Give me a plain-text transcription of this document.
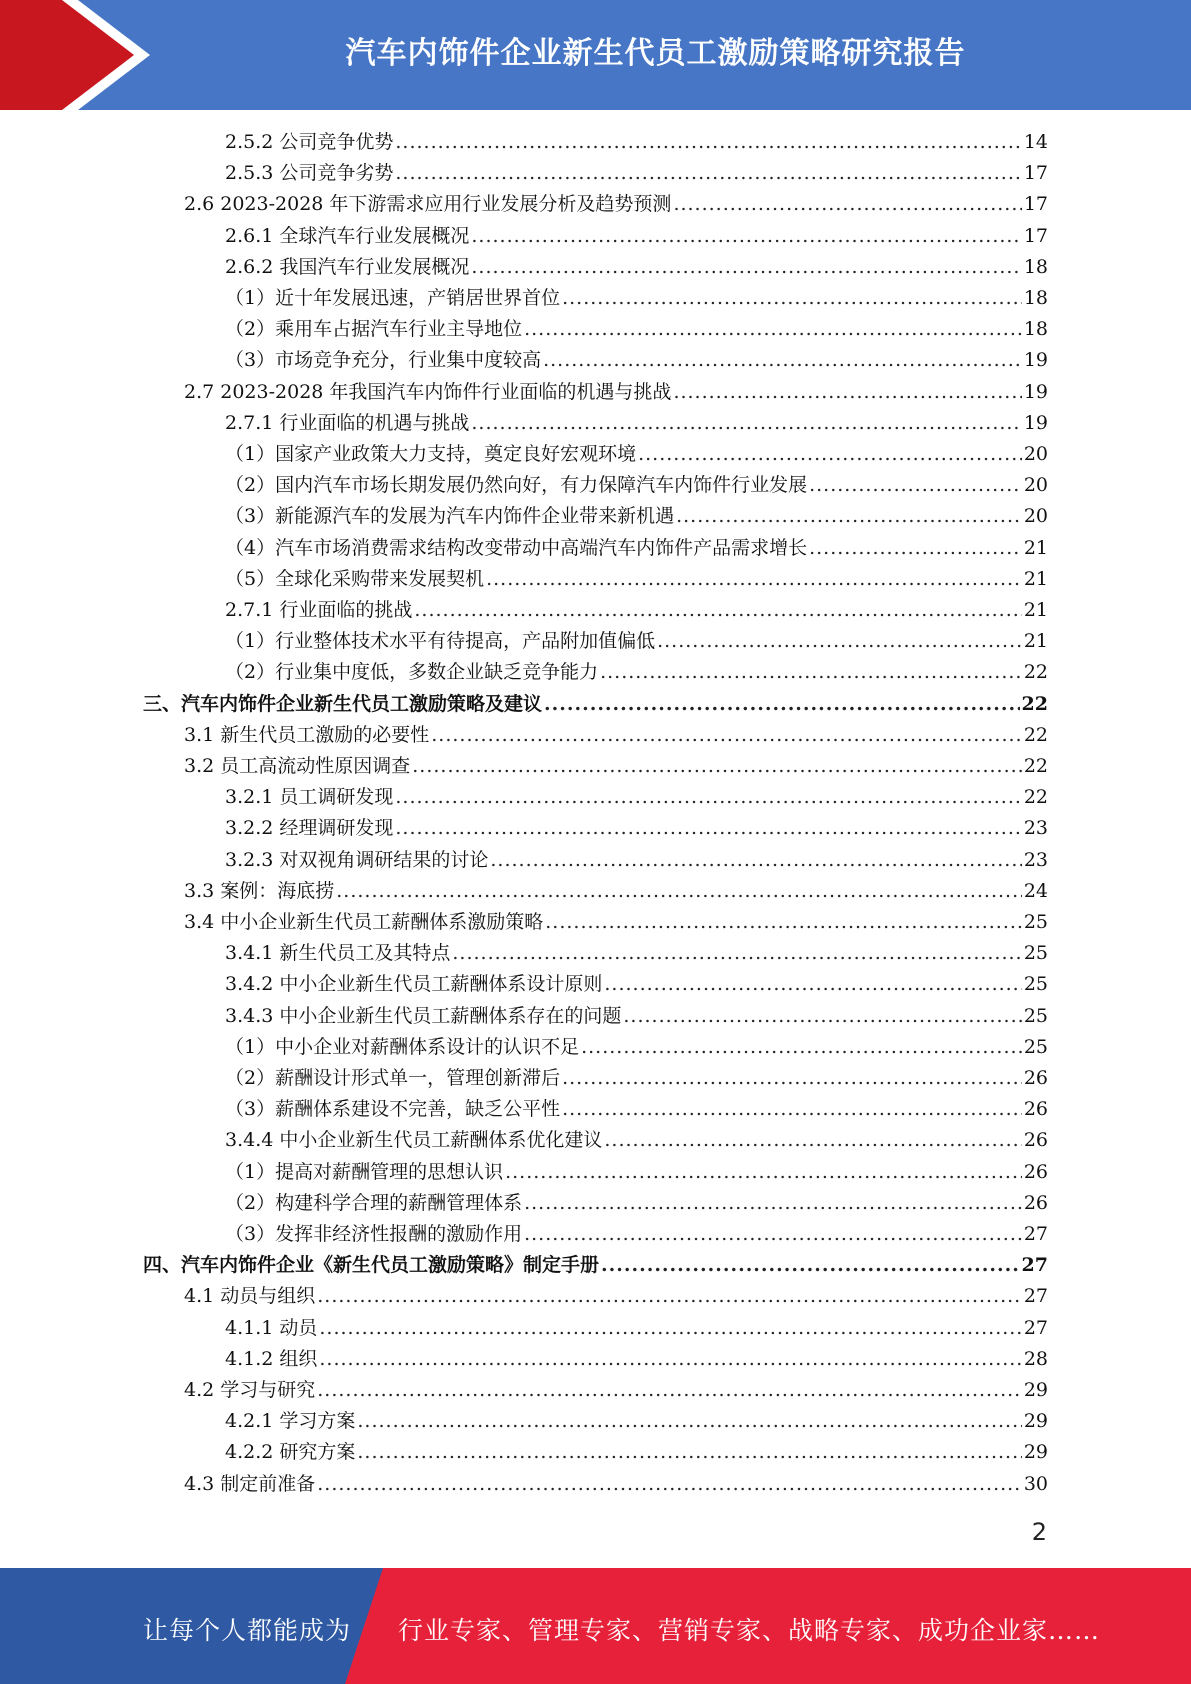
汽车内饰件企业新生代员工激励策略研究报告
2.5.2 公司竞争优势 .....	14
2.5.3 公司竞争劣势 .....	17
2.6 2023-2028 年下游需求应用行业发展分析及趋势预测 .....	17
2.6.1 全球汽车行业发展概况 .....	17
2.6.2 我国汽车行业发展概况 .....	18
（1）近十年发展迅速，产销居世界首位 .....	18
（2）乘用车占据汽车行业主导地位 .....	18
（3）市场竞争充分，行业集中度较高 .....	19
2.7 2023-2028 年我国汽车内饰件行业面临的机遇与挑战 .....	19
2.7.1 行业面临的机遇与挑战 .....	19
（1）国家产业政策大力支持，奠定良好宏观环境 .....	20
（2）国内汽车市场长期发展仍然向好，有力保障汽车内饰件行业发展 .....	20
（3）新能源汽车的发展为汽车内饰件企业带来新机遇 .....	20
（4）汽车市场消费需求结构改变带动中高端汽车内饰件产品需求增长 .....	21
（5）全球化采购带来发展契机 .....	21
2.7.1 行业面临的挑战 .....	21
（1）行业整体技术水平有待提高，产品附加值偏低 .....	21
（2）行业集中度低，多数企业缺乏竞争能力 .....	22
三、汽车内饰件企业新生代员工激励策略及建议 .....	22
3.1 新生代员工激励的必要性 .....	22
3.2 员工高流动性原因调查 .....	22
3.2.1 员工调研发现 .....	22
3.2.2 经理调研发现 .....	23
3.2.3 对双视角调研结果的讨论 .....	23
3.3 案例：海底捞 .....	24
3.4 中小企业新生代员工薪酬体系激励策略 .....	25
3.4.1 新生代员工及其特点 .....	25
3.4.2 中小企业新生代员工薪酬体系设计原则 .....	25
3.4.3 中小企业新生代员工薪酬体系存在的问题 .....	25
（1）中小企业对薪酬体系设计的认识不足 .....	25
（2）薪酬设计形式单一，管理创新滞后 .....	26
（3）薪酬体系建设不完善，缺乏公平性 .....	26
3.4.4 中小企业新生代员工薪酬体系优化建议 .....	26
（1）提高对薪酬管理的思想认识 .....	26
（2）构建科学合理的薪酬管理体系 .....	26
（3）发挥非经济性报酬的激励作用 .....	27
四、汽车内饰件企业《新生代员工激励策略》制定手册 .....	27
4.1 动员与组织 .....	27
4.1.1 动员 .....	27
4.1.2 组织 .....	28
4.2 学习与研究 .....	29
4.2.1 学习方案 .....	29
4.2.2 研究方案 .....	29
4.3 制定前准备 .....	30
2
让每个人都能成为 行业专家、管理专家、营销专家、战略专家、成功企业家……
